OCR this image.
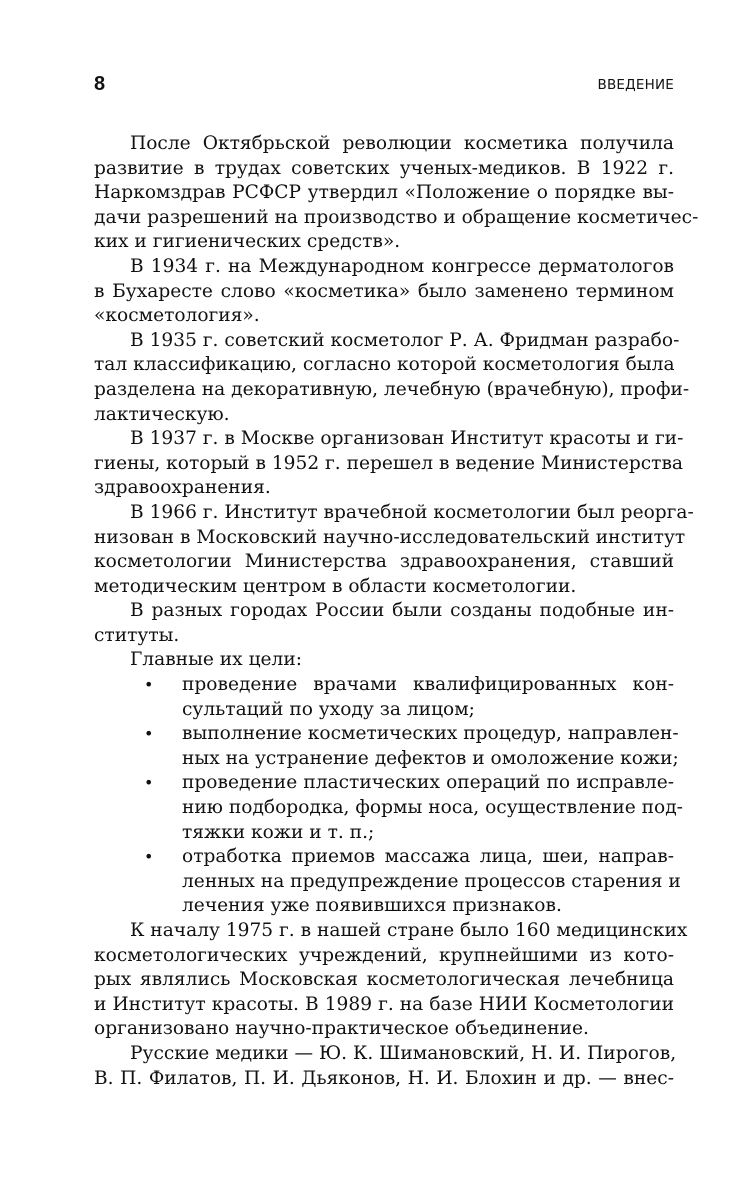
8	ВВЕДЕНИЕ
После Октябрьской революции косметика получила
развитие в трудах советских ученых-медиков. В 1922 г.
Наркомздрав РСФСР утвердил «Положение о порядке вы-
дачи разрешений на производство и обращение косметичес-
ких и гигиенических средств».
В 1934 г. на Международном конгрессе дерматологов
в Бухаресте слово «косметика» было заменено термином
«косметология».
В 1935 г. советский косметолог Р. А. Фридман разрабо-
тал классификацию, согласно которой косметология была
разделена на декоративную, лечебную (врачебную), профи-
лактическую.
В 1937 г. в Москве организован Институт красоты и ги-
гиены, который в 1952 г. перешел в ведение Министерства
здравоохранения.
В 1966 г. Институт врачебной косметологии был реорга-
низован в Московский научно-исследовательский институт
косметологии Министерства здравоохранения, ставший
методическим центром в области косметологии.
В разных городах России были созданы подобные ин-
ституты.
Главные их цели:
• проведение врачами квалифицированных кон-
сультаций по уходу за лицом;
• выполнение косметических процедур, направлен-
ных на устранение дефектов и омоложение кожи;
• проведение пластических операций по исправле-
нию подбородка, формы носа, осуществление под-
тяжки кожи и т. п.;
• отработка приемов массажа лица, шеи, направ-
ленных на предупреждение процессов старения и
лечения уже появившихся признаков.
К началу 1975 г. в нашей стране было 160 медицинских
косметологических учреждений, крупнейшими из кото-
рых являлись Московская косметологическая лечебница
и Институт красоты. В 1989 г. на базе НИИ Косметологии
организовано научно-практическое объединение.
Русские медики — Ю. К. Шимановский, Н. И. Пирогов,
В. П. Филатов, П. И. Дьяконов, Н. И. Блохин и др. — внес-
